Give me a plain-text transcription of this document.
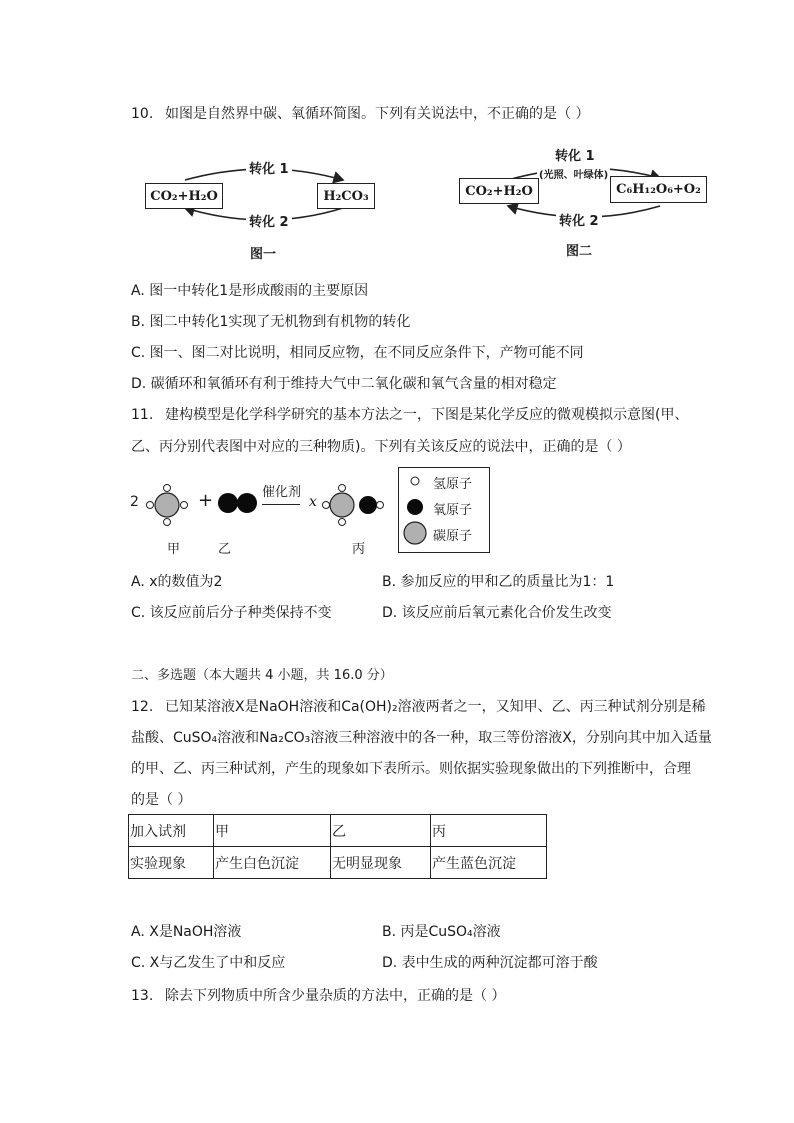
10. 如图是自然界中碳、氧循环简图。下列有关说法中，不正确的是（ ）
转化 1
转化 2
CO₂+H₂O	H₂CO₃
图一
转化 1
(光照、叶绿体)
转化 2
CO₂+H₂O	C₆H₁₂O₆+O₂
图二
A. 图一中转化1是形成酸雨的主要原因
B. 图二中转化1实现了无机物到有机物的转化
C. 图一、图二对比说明，相同反应物，在不同反应条件下，产物可能不同
D. 碳循环和氧循环有利于维持大气中二氧化碳和氧气含量的相对稳定
11. 建构模型是化学科学研究的基本方法之一，下图是某化学反应的微观模拟示意图(甲、
乙、丙分别代表图中对应的三种物质)。下列有关该反应的说法中，正确的是（ ）
2	+	催化剂
x
甲	乙	丙
氢原子
氧原子
碳原子
A. x的数值为2	B. 参加反应的甲和乙的质量比为1：1
C. 该反应前后分子种类保持不变	D. 该反应前后氧元素化合价发生改变
二、多选题（本大题共 4 小题，共 16.0 分）
12. 已知某溶液X是NaOH溶液和Ca(OH)₂溶液两者之一，又知甲、乙、丙三种试剂分别是稀
盐酸、CuSO₄溶液和Na₂CO₃溶液三种溶液中的各一种，取三等份溶液X，分别向其中加入适量
的甲、乙、丙三种试剂，产生的现象如下表所示。则依据实验现象做出的下列推断中，合理
的是（ ）
加入试剂	甲	乙	丙
实验现象	产生白色沉淀	无明显现象	产生蓝色沉淀
A. X是NaOH溶液	B. 丙是CuSO₄溶液
C. X与乙发生了中和反应	D. 表中生成的两种沉淀都可溶于酸
13. 除去下列物质中所含少量杂质的方法中，正确的是（ ）
